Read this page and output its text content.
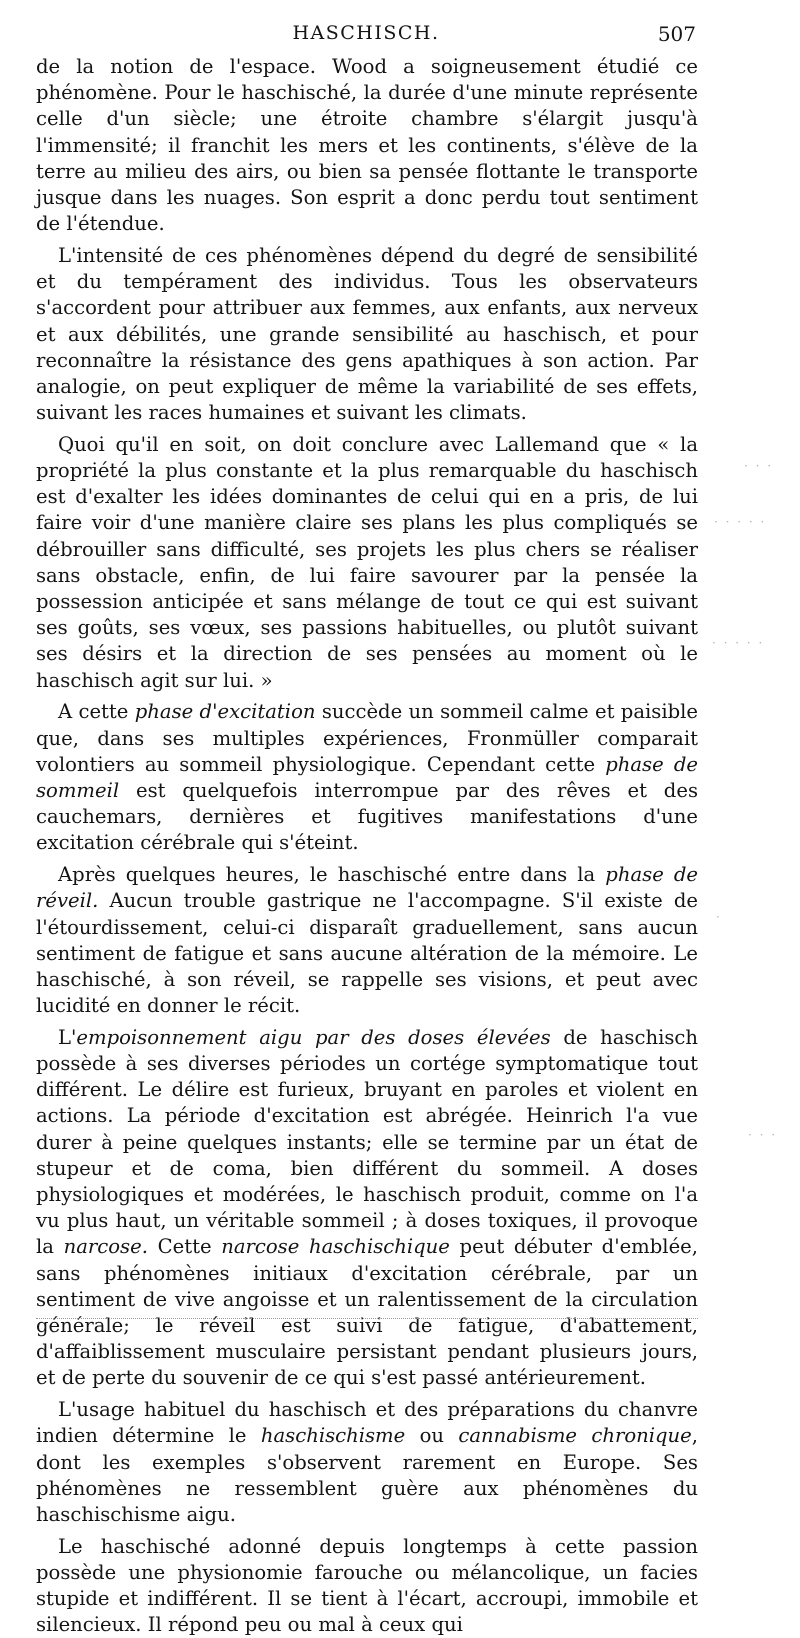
HASCHISCH.	507

de la notion de l'espace. Wood a soigneusement étudié ce phénomène. Pour le haschisché, la durée d'une minute représente celle d'un siècle; une étroite chambre s'élargit jusqu'à l'immensité; il franchit les mers et les continents, s'élève de la terre au milieu des airs, ou bien sa pensée flottante le transporte jusque dans les nuages. Son esprit a donc perdu tout sentiment de l'étendue.

L'intensité de ces phénomènes dépend du degré de sensibilité et du tempérament des individus. Tous les observateurs s'accordent pour attribuer aux femmes, aux enfants, aux nerveux et aux débilités, une grande sensibilité au haschisch, et pour reconnaître la résistance des gens apathiques à son action. Par analogie, on peut expliquer de même la variabilité de ses effets, suivant les races humaines et suivant les climats.

Quoi qu'il en soit, on doit conclure avec Lallemand que « la propriété la plus constante et la plus remarquable du haschisch est d'exalter les idées dominantes de celui qui en a pris, de lui faire voir d'une manière claire ses plans les plus compliqués se débrouiller sans difficulté, ses projets les plus chers se réaliser sans obstacle, enfin, de lui faire savourer par la pensée la possession anticipée et sans mélange de tout ce qui est suivant ses goûts, ses vœux, ses passions habituelles, ou plutôt suivant ses désirs et la direction de ses pensées au moment où le haschisch agit sur lui. »

A cette phase d'excitation succède un sommeil calme et paisible que, dans ses multiples expériences, Fronmüller comparait volontiers au sommeil physiologique. Cependant cette phase de sommeil est quelquefois interrompue par des rêves et des cauchemars, dernières et fugitives manifestations d'une excitation cérébrale qui s'éteint.

Après quelques heures, le haschisché entre dans la phase de réveil. Aucun trouble gastrique ne l'accompagne. S'il existe de l'étourdissement, celui-ci disparaît graduellement, sans aucun sentiment de fatigue et sans aucune altération de la mémoire. Le haschisché, à son réveil, se rappelle ses visions, et peut avec lucidité en donner le récit.

L'empoisonnement aigu par des doses élevées de haschisch possède à ses diverses périodes un cortége symptomatique tout différent. Le délire est furieux, bruyant en paroles et violent en actions. La période d'excitation est abrégée. Heinrich l'a vue durer à peine quelques instants; elle se termine par un état de stupeur et de coma, bien différent du sommeil. A doses physiologiques et modérées, le haschisch produit, comme on l'a vu plus haut, un véritable sommeil ; à doses toxiques, il provoque la narcose. Cette narcose haschischique peut débuter d'emblée, sans phénomènes initiaux d'excitation cérébrale, par un sentiment de vive angoisse et un ralentissement de la circulation générale; le réveil est suivi de fatigue, d'abattement, d'affaiblissement musculaire persistant pendant plusieurs jours, et de perte du souvenir de ce qui s'est passé antérieurement.

L'usage habituel du haschisch et des préparations du chanvre indien détermine le haschischisme ou cannabisme chronique, dont les exemples s'observent rarement en Europe. Ses phénomènes ne ressemblent guère aux phénomènes du haschischisme aigu.

Le haschisché adonné depuis longtemps à cette passion possède une physionomie farouche ou mélancolique, un facies stupide et indifférent. Il se tient à l'écart, accroupi, immobile et silencieux. Il répond peu ou mal à ceux qui

· · ·
· · · · ·
· · · · ·
·
· · ·
